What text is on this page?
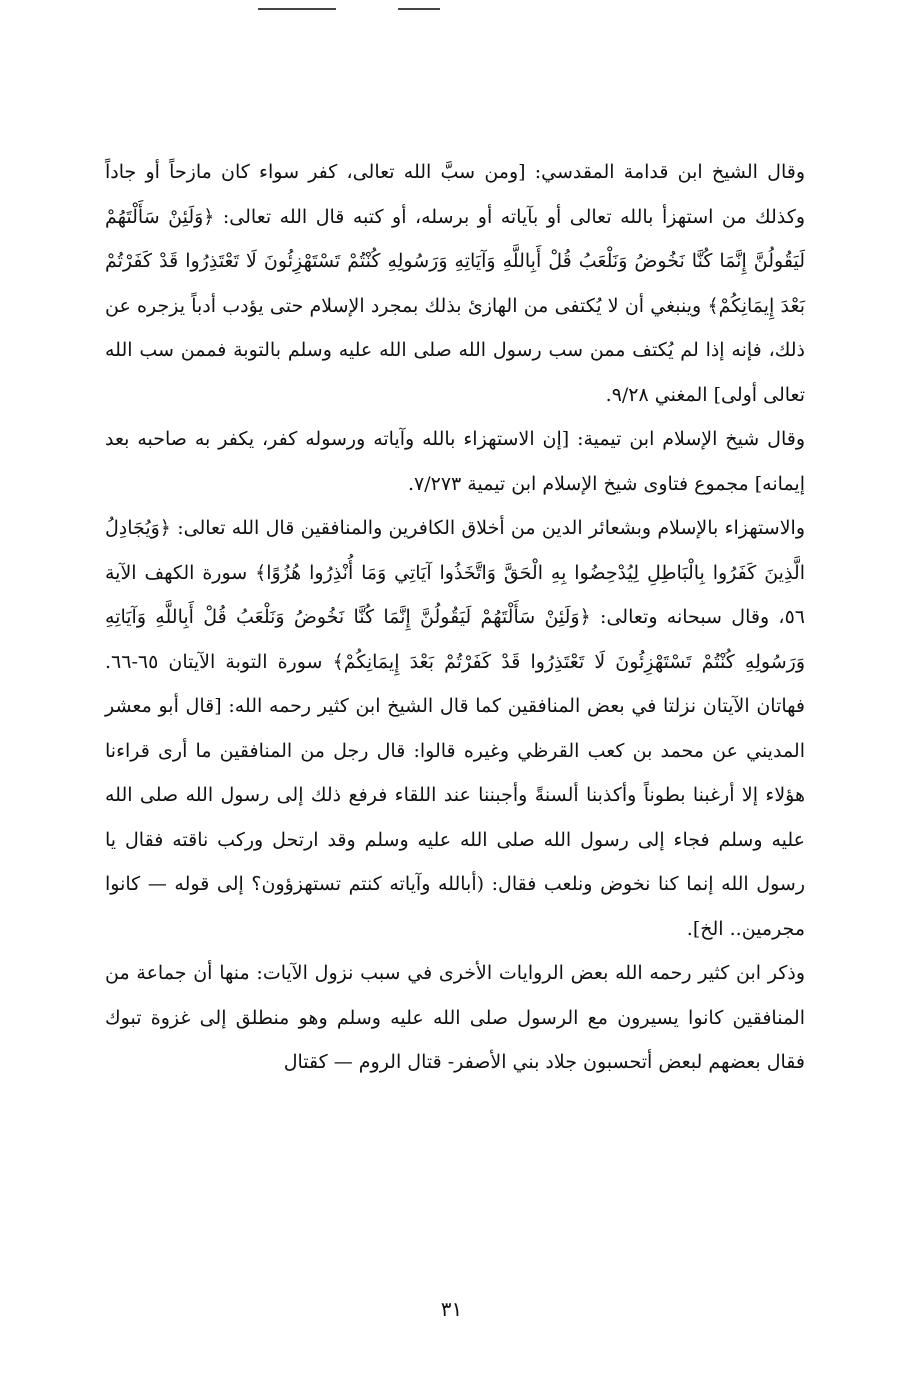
وقال الشيخ ابن قدامة المقدسي: [ومن سبَّ الله تعالى، كفر سواء كان مازحاً أو جاداً وكذلك من استهزأ بالله تعالى أو بآياته أو برسله، أو كتبه قال الله تعالى: ﴿وَلَئِنْ سَأَلْتَهُمْ لَيَقُولُنَّ إِنَّمَا كُنَّا نَخُوضُ وَنَلْعَبُ قُلْ أَبِاللَّهِ وَآيَاتِهِ وَرَسُولِهِ كُنْتُمْ تَسْتَهْزِئُونَ لَا تَعْتَذِرُوا قَدْ كَفَرْتُمْ بَعْدَ إِيمَانِكُمْ﴾ وينبغي أن لا يُكتفى من الهازئ بذلك بمجرد الإسلام حتى يؤدب أدباً يزجره عن ذلك، فإنه إذا لم يُكتف ممن سب رسول الله صلى الله عليه وسلم بالتوبة فممن سب الله تعالى أولى] المغني ٩/٢٨.

وقال شيخ الإسلام ابن تيمية: [إن الاستهزاء بالله وآياته ورسوله كفر، يكفر به صاحبه بعد إيمانه] مجموع فتاوى شيخ الإسلام ابن تيمية ٧/٢٧٣.

والاستهزاء بالإسلام وبشعائر الدين من أخلاق الكافرين والمنافقين قال الله تعالى: ﴿وَيُجَادِلُ الَّذِينَ كَفَرُوا بِالْبَاطِلِ لِيُدْحِضُوا بِهِ الْحَقَّ وَاتَّخَذُوا آيَاتِي وَمَا أُنْذِرُوا هُزُوًا﴾ سورة الكهف الآية ٥٦، وقال سبحانه وتعالى: ﴿وَلَئِنْ سَأَلْتَهُمْ لَيَقُولُنَّ إِنَّمَا كُنَّا نَخُوضُ وَنَلْعَبُ قُلْ أَبِاللَّهِ وَآيَاتِهِ وَرَسُولِهِ كُنْتُمْ تَسْتَهْزِئُونَ لَا تَعْتَذِرُوا قَدْ كَفَرْتُمْ بَعْدَ إِيمَانِكُمْ﴾ سورة التوبة الآيتان ٦٥-٦٦. فهاتان الآيتان نزلتا في بعض المنافقين كما قال الشيخ ابن كثير رحمه الله: [قال أبو معشر المديني عن محمد بن كعب القرظي وغيره قالوا: قال رجل من المنافقين ما أرى قراءنا هؤلاء إلا أرغبنا بطوناً وأكذبنا ألسنةً وأجبننا عند اللقاء فرفع ذلك إلى رسول الله صلى الله عليه وسلم فجاء إلى رسول الله صلى الله عليه وسلم وقد ارتحل وركب ناقته فقال يا رسول الله إنما كنا نخوض ونلعب فقال: (أبالله وآياته كنتم تستهزؤون؟ إلى قوله — كانوا مجرمين.. الخ].

وذكر ابن كثير رحمه الله بعض الروايات الأخرى في سبب نزول الآيات: منها أن جماعة من المنافقين كانوا يسيرون مع الرسول صلى الله عليه وسلم وهو منطلق إلى غزوة تبوك فقال بعضهم لبعض أتحسبون جلاد بني الأصفر- قتال الروم — كقتال

٣١
